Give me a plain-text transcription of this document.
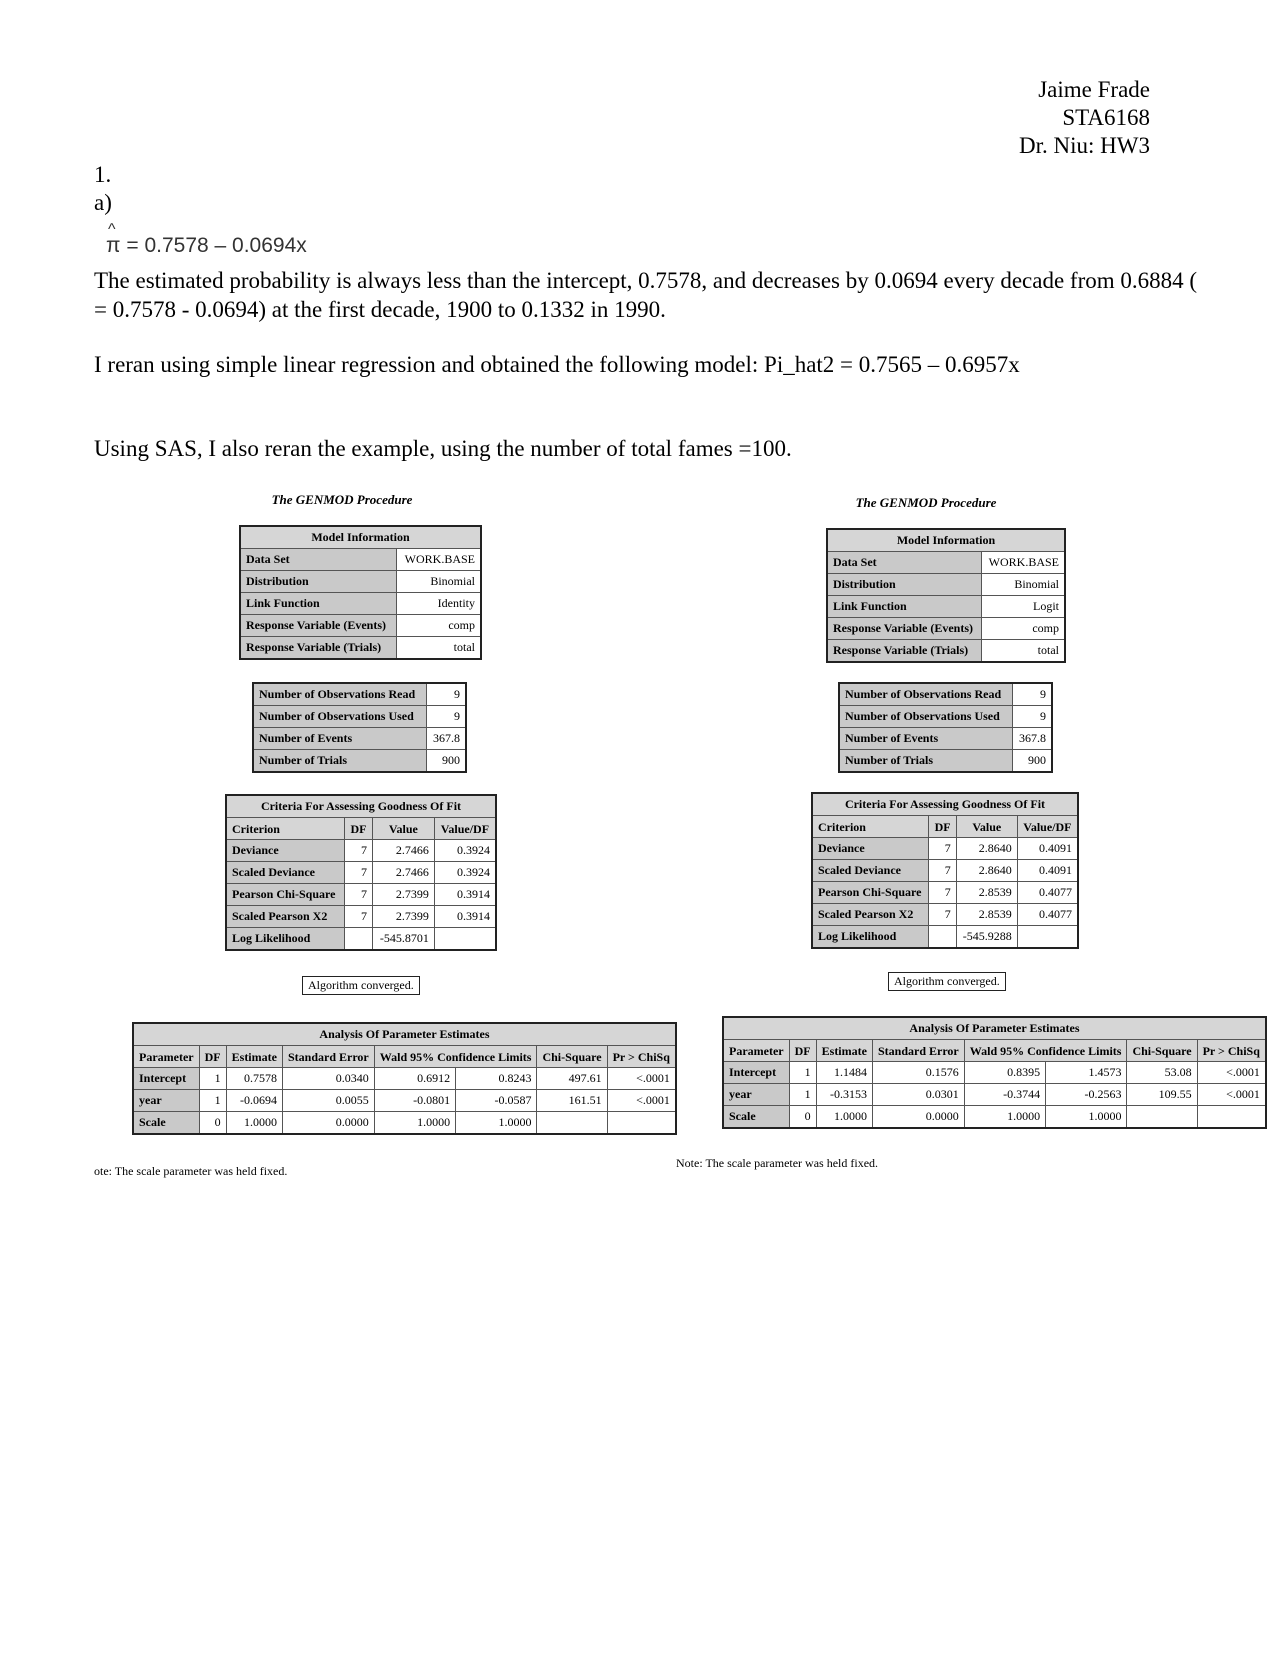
Jaime Frade
STA6168
Dr. Niu: HW3
1.
a)
^ π = 0.7578 – 0.0694x
The estimated probability is always less than the intercept, 0.7578, and decreases by 0.0694 every decade from 0.6884 ( = 0.7578 - 0.0694) at the first decade, 1900 to 0.1332 in 1990.
I reran using simple linear regression and obtained the following model: Pi_hat2 = 0.7565 – 0.6957x
Using SAS, I also reran the example, using the number of total fames =100.
The GENMOD Procedure
Model Information	
Data Set	WORK.BASE
Distribution	Binomial
Link Function	Identity
Response Variable (Events)	comp
Response Variable (Trials)	total
Number of Observations Read	9
Number of Observations Used	9
Number of Events	367.8
Number of Trials	900
Criteria For Assessing Goodness Of Fit			
Criterion	DF	Value	Value/DF
Deviance	7	2.7466	0.3924
Scaled Deviance	7	2.7466	0.3924
Pearson Chi-Square	7	2.7399	0.3914
Scaled Pearson X2	7	2.7399	0.3914
Log Likelihood		-545.8701	
Algorithm converged.
Analysis Of Parameter Estimates							
Parameter	DF	Estimate	Standard Error	Wald 95% Confidence Limits		Chi-Square	Pr > ChiSq
Intercept	1	0.7578	0.0340	0.6912	0.8243	497.61	<.0001
year	1	-0.0694	0.0055	-0.0801	-0.0587	161.51	<.0001
Scale	0	1.0000	0.0000	1.0000	1.0000		
ote: The scale parameter was held fixed.
The GENMOD Procedure
Model Information	
Data Set	WORK.BASE
Distribution	Binomial
Link Function	Logit
Response Variable (Events)	comp
Response Variable (Trials)	total
Number of Observations Read	9
Number of Observations Used	9
Number of Events	367.8
Number of Trials	900
Criteria For Assessing Goodness Of Fit			
Criterion	DF	Value	Value/DF
Deviance	7	2.8640	0.4091
Scaled Deviance	7	2.8640	0.4091
Pearson Chi-Square	7	2.8539	0.4077
Scaled Pearson X2	7	2.8539	0.4077
Log Likelihood		-545.9288	
Algorithm converged.
Analysis Of Parameter Estimates							
Parameter	DF	Estimate	Standard Error	Wald 95% Confidence Limits		Chi-Square	Pr > ChiSq
Intercept	1	1.1484	0.1576	0.8395	1.4573	53.08	<.0001
year	1	-0.3153	0.0301	-0.3744	-0.2563	109.55	<.0001
Scale	0	1.0000	0.0000	1.0000	1.0000		
Note: The scale parameter was held fixed.
